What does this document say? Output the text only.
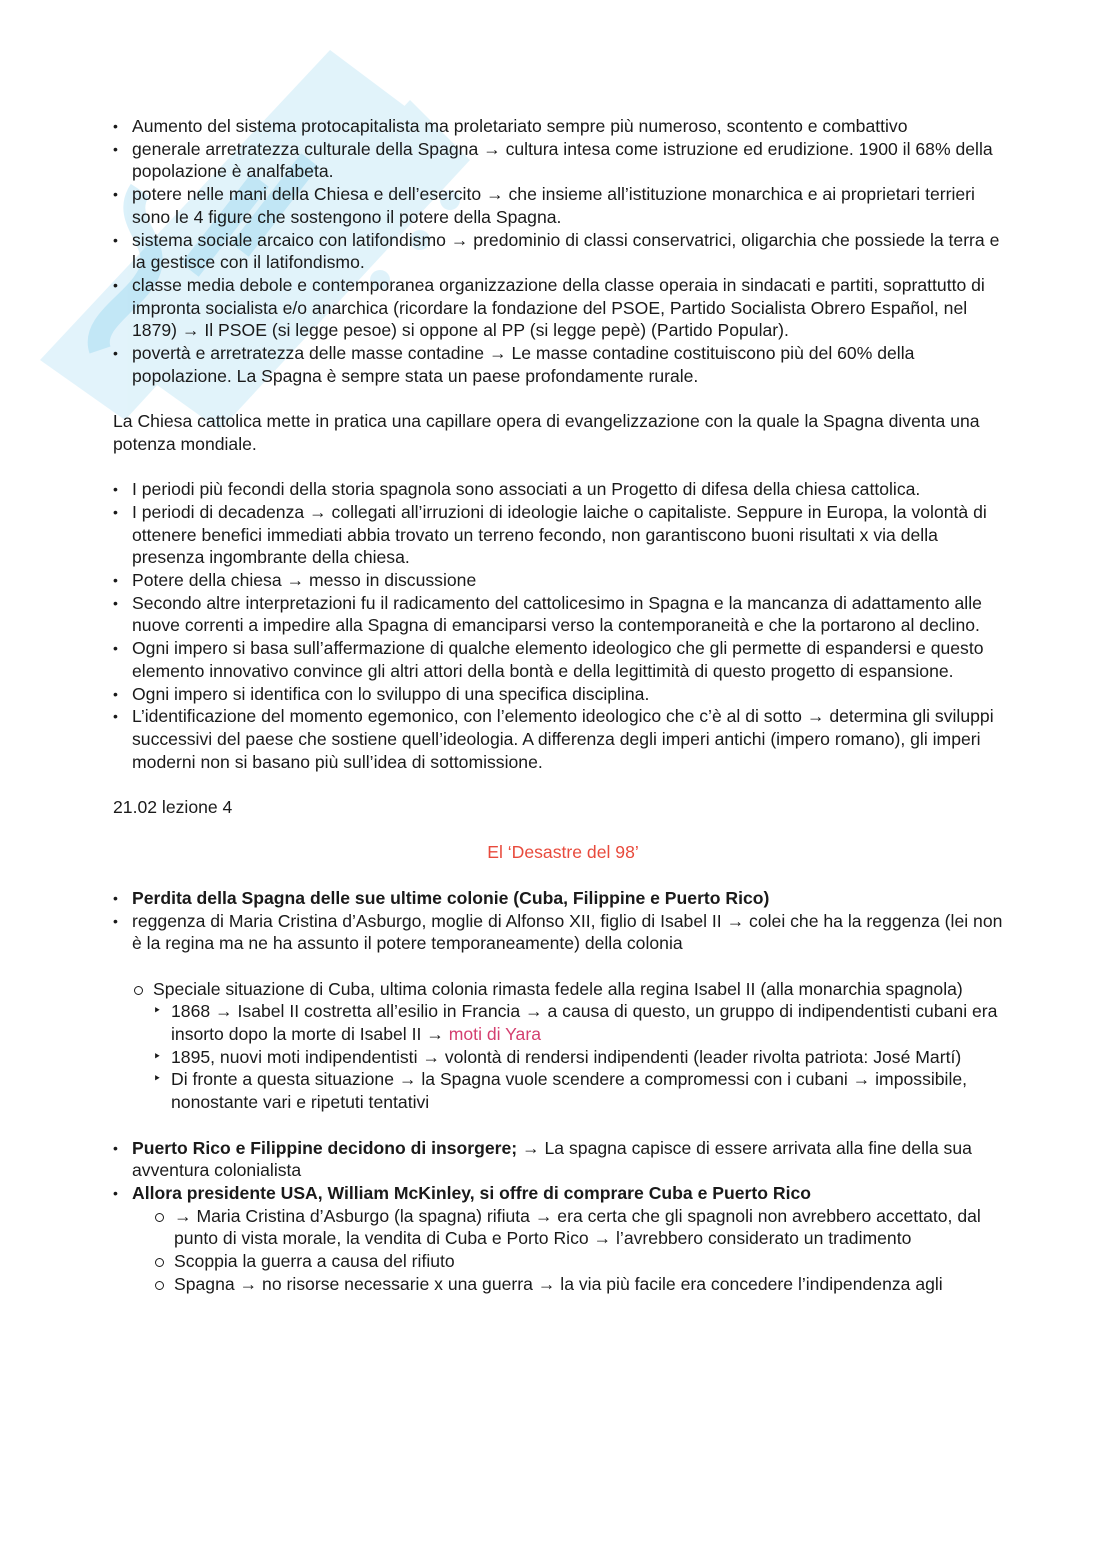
• Aumento del sistema protocapitalista ma proletariato sempre più numeroso, scontento e combattivo
• generale arretratezza culturale della Spagna → cultura intesa come istruzione ed erudizione. 1900 il 68% della popolazione è analfabeta.
• potere nelle mani della Chiesa e dell’esercito → che insieme all’istituzione monarchica e ai proprietari terrieri sono le 4 figure che sostengono il potere della Spagna.
• sistema sociale arcaico con latifondismo → predominio di classi conservatrici, oligarchia che possiede la terra e la gestisce con il latifondismo.
• classe media debole e contemporanea organizzazione della classe operaia in sindacati e partiti, soprattutto di impronta socialista e/o anarchica (ricordare la fondazione del PSOE, Partido Socialista Obrero Español, nel 1879) → Il PSOE (si legge pesoe) si oppone al PP (si legge pepè) (Partido Popular).
• povertà e arretratezza delle masse contadine → Le masse contadine costituiscono più del 60% della popolazione. La Spagna è sempre stata un paese profondamente rurale.

La Chiesa cattolica mette in pratica una capillare opera di evangelizzazione con la quale la Spagna diventa una potenza mondiale.

• I periodi più fecondi della storia spagnola sono associati a un Progetto di difesa della chiesa cattolica.
• I periodi di decadenza → collegati all’irruzioni di ideologie laiche o capitaliste. Seppure in Europa, la volontà di ottenere benefici immediati abbia trovato un terreno fecondo, non garantiscono buoni risultati x via della presenza ingombrante della chiesa.
• Potere della chiesa → messo in discussione
• Secondo altre interpretazioni fu il radicamento del cattolicesimo in Spagna e la mancanza di adattamento alle nuove correnti a impedire alla Spagna di emanciparsi verso la contemporaneità e che la portarono al declino.
• Ogni impero si basa sull’affermazione di qualche elemento ideologico che gli permette di espandersi e questo elemento innovativo convince gli altri attori della bontà e della legittimità di questo progetto di espansione.
• Ogni impero si identifica con lo sviluppo di una specifica disciplina.
• L’identificazione del momento egemonico, con l’elemento ideologico che c’è al di sotto → determina gli sviluppi successivi del paese che sostiene quell’ideologia. A differenza degli imperi antichi (impero romano), gli imperi moderni non si basano più sull’idea di sottomissione.

21.02 lezione 4

El ‘Desastre del 98’

• Perdita della Spagna delle sue ultime colonie (Cuba, Filippine e Puerto Rico)
• reggenza di Maria Cristina d’Asburgo, moglie di Alfonso XII, figlio di Isabel II → colei che ha la reggenza (lei non è la regina ma ne ha assunto il potere temporaneamente) della colonia
Speciale situazione di Cuba, ultima colonia rimasta fedele alla regina Isabel II (alla monarchia spagnola)
‣ 1868 → Isabel II costretta all’esilio in Francia → a causa di questo, un gruppo di indipendentisti cubani era insorto dopo la morte di Isabel II → moti di Yara
‣ 1895, nuovi moti indipendentisti → volontà di rendersi indipendenti (leader rivolta patriota: José Martí)
‣ Di fronte a questa situazione → la Spagna vuole scendere a compromessi con i cubani → impossibile, nonostante vari e ripetuti tentativi
• Puerto Rico e Filippine decidono di insorgere; → La spagna capisce di essere arrivata alla fine della sua avventura colonialista
• Allora presidente USA, William McKinley, si offre di comprare Cuba e Puerto Rico
→ Maria Cristina d’Asburgo (la spagna) rifiuta → era certa che gli spagnoli non avrebbero accettato, dal punto di vista morale, la vendita di Cuba e Porto Rico → l’avrebbero considerato un tradimento
Scoppia la guerra a causa del rifiuto
Spagna → no risorse necessarie x una guerra → la via più facile era concedere l’indipendenza agli
